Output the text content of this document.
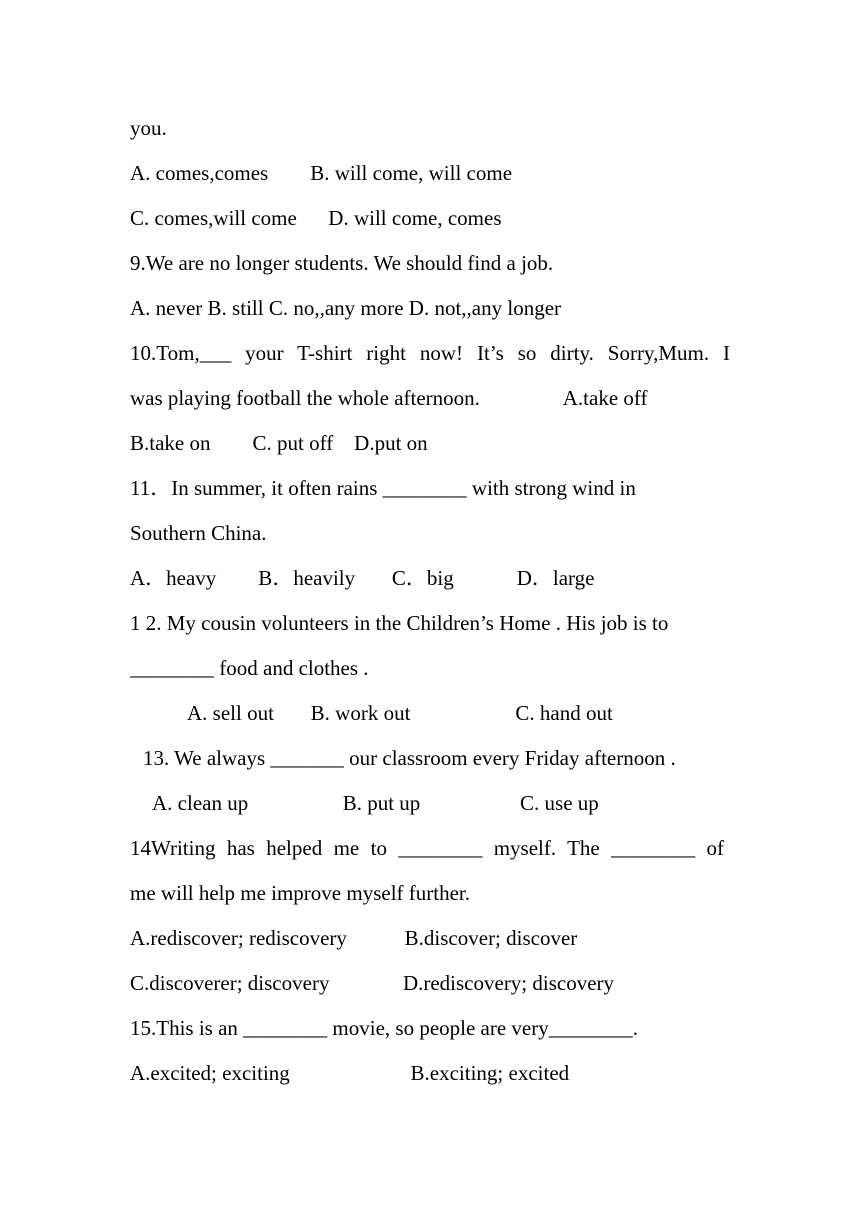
you.
A. comes,comes        B. will come, will come
C. comes,will come      D. will come, comes
9.We are no longer students. We should find a job.
A. never B. still C. no,,any more D. not,,any longer
10.Tom,___ your T-shirt right now! It’s so dirty. Sorry,Mum. I
was playing football the whole afternoon.                A.take off
B.take on        C. put off    D.put on
11．In summer, it often rains ________ with strong wind in
Southern China.
A．heavy        B．heavily       C．big            D．large
1 2. My cousin volunteers in the Children’s Home . His job is to
________ food and clothes .
A. sell out       B. work out                    C. hand out
13. We always _______ our classroom every Friday afternoon .
A. clean up                  B. put up                   C. use up
14Writing has helped me to ________ myself. The ________ of
me will help me improve myself further.
A.rediscover; rediscovery           B.discover; discover
C.discoverer; discovery              D.rediscovery; discovery
15.This is an ________ movie, so people are very________.
A.excited; exciting                       B.exciting; excited
